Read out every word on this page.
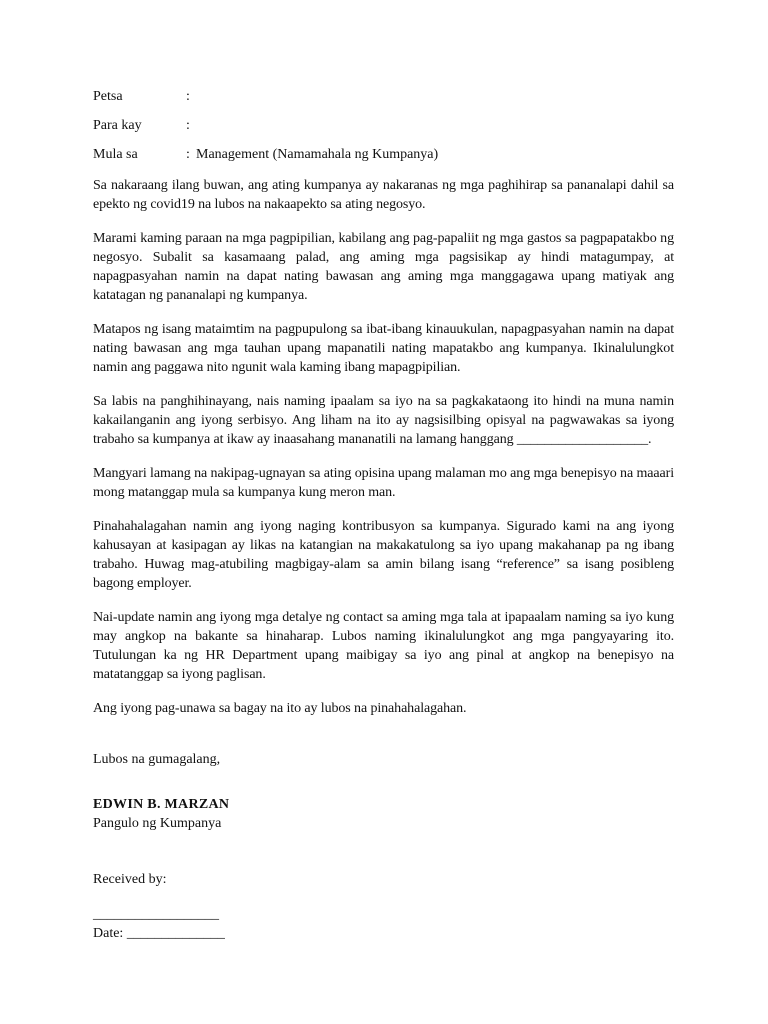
Petsa	:
Para kay	:
Mula sa	: Management (Namamahala ng Kumpanya)

Sa nakaraang ilang buwan, ang ating kumpanya ay nakaranas ng mga paghihirap sa pananalapi dahil sa epekto ng covid19 na lubos na nakaapekto sa ating negosyo.

Marami kaming paraan na mga pagpipilian, kabilang ang pag-papaliit ng mga gastos sa pagpapatakbo ng negosyo. Subalit sa kasamaang palad, ang aming mga pagsisikap ay hindi matagumpay, at napagpasyahan namin na dapat nating bawasan ang aming mga manggagawa upang matiyak ang katatagan ng pananalapi ng kumpanya.

Matapos ng isang mataimtim na pagpupulong sa ibat-ibang kinauukulan, napagpasyahan namin na dapat nating bawasan ang mga tauhan upang mapanatili nating mapatakbo ang kumpanya. Ikinalulungkot namin ang paggawa nito ngunit wala kaming ibang mapagpipilian.

Sa labis na panghihinayang, nais naming ipaalam sa iyo na sa pagkakataong ito hindi na muna namin kakailanganin ang iyong serbisyo. Ang liham na ito ay nagsisilbing opisyal na pagwawakas sa iyong trabaho sa kumpanya at ikaw ay inaasahang mananatili na lamang hanggang ___________________.

Mangyari lamang na nakipag-ugnayan sa ating opisina upang malaman mo ang mga benepisyo na maaari mong matanggap mula sa kumpanya kung meron man.

Pinahahalagahan namin ang iyong naging kontribusyon sa kumpanya. Sigurado kami na ang iyong kahusayan at kasipagan ay likas na katangian na makakatulong sa iyo upang makahanap pa ng ibang trabaho. Huwag mag-atubiling magbigay-alam sa amin bilang isang “reference” sa isang posibleng bagong employer.

Nai-update namin ang iyong mga detalye ng contact sa aming mga tala at ipapaalam naming sa iyo kung may angkop na bakante sa hinaharap. Lubos naming ikinalulungkot ang mga pangyayaring ito. Tutulungan ka ng HR Department upang maibigay sa iyo ang pinal at angkop na benepisyo na matatanggap sa iyong paglisan.

Ang iyong pag-unawa sa bagay na ito ay lubos na pinahahalagahan.

Lubos na gumagalang,
EDWIN B. MARZAN
Pangulo ng Kumpanya
Received by:
__________________
Date: ______________
